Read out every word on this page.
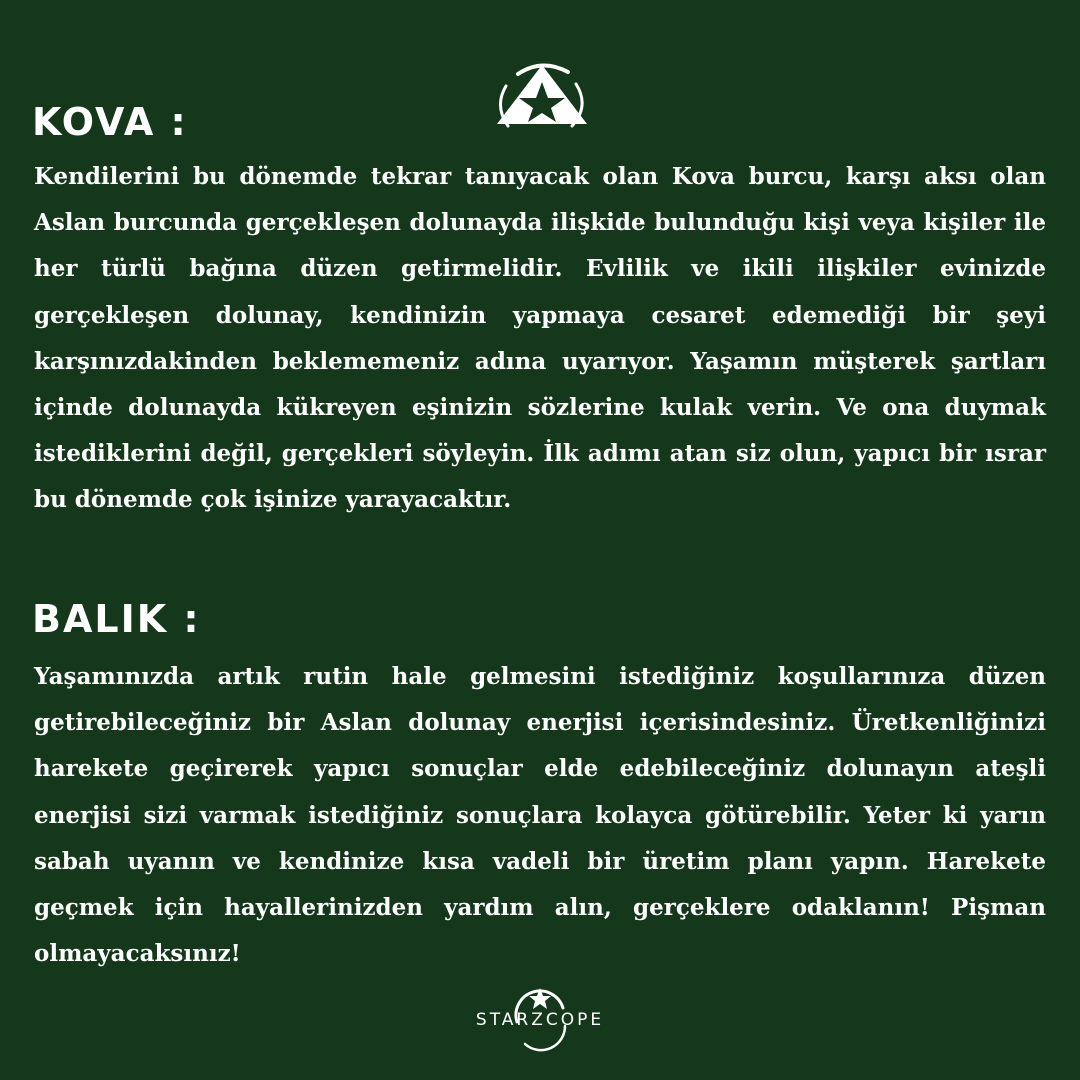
KOVA :

Kendilerini bu dönemde tekrar tanıyacak olan Kova burcu, karşı aksı olan Aslan burcunda gerçekleşen dolunayda ilişkide bulunduğu kişi veya kişiler ile her türlü bağına düzen getirmelidir. Evlilik ve ikili ilişkiler evinizde gerçekleşen dolunay, kendinizin yapmaya cesaret edemediği bir şeyi karşınızdakinden beklememeniz adına uyarıyor. Yaşamın müşterek şartları içinde dolunayda kükreyen eşinizin sözlerine kulak verin. Ve ona duymak istediklerini değil, gerçekleri söyleyin. İlk adımı atan siz olun, yapıcı bir ısrar bu dönemde çok işinize yarayacaktır.

BALIK :

Yaşamınızda artık rutin hale gelmesini istediğiniz koşullarınıza düzen getirebileceğiniz bir Aslan dolunay enerjisi içerisindesiniz. Üretkenliğinizi harekete geçirerek yapıcı sonuçlar elde edebileceğiniz dolunayın ateşli enerjisi sizi varmak istediğiniz sonuçlara kolayca götürebilir. Yeter ki yarın sabah uyanın ve kendinize kısa vadeli bir üretim planı yapın. Harekete geçmek için hayallerinizden yardım alın, gerçeklere odaklanın! Pişman olmayacaksınız!

STARZCOPE
